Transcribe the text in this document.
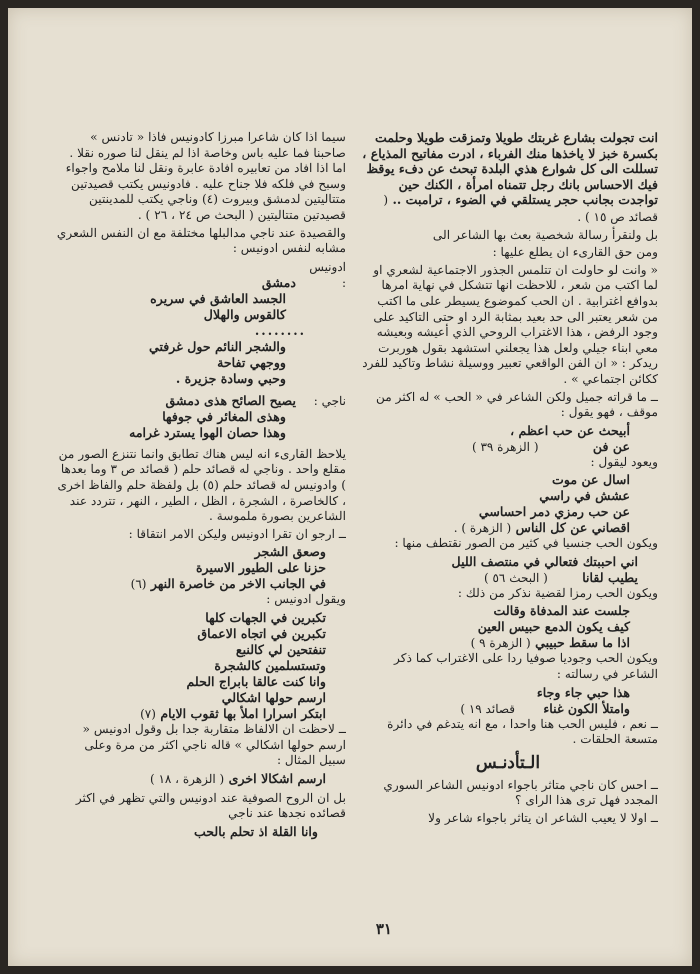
انت تجولت بشارع غربتك طويلا وتمزقت طويلا وحلمت بكسرة خبز لا ياخذها منك الفرباء ، ادرت مفاتيح المذياع ، تسللت الى كل شوارع هذي البلدة تبحث عن دفء يوقظ فيك الاحساس بانك رجل تتمناه امرأة ، الكنك حين تواجدت بجانب حجر يستلقي في الضوء ، ترامبت .. ( قصائد ص ١٥ ) .

بل ولنقرأ رسالة شخصية بعث بها الشاعر الى

ومن حق القارىء ان يطلع عليها :

« وانت لو حاولت ان تتلمس الجذور الاجتماعية لشعري او لما اكتب من شعر ، للاحظت انها تتشكل في نهاية امرها بدوافع اغترابية . ان الحب كموضوع يسيطر على ما اكتب من شعر يعتبر الى حد بعيد بمثابة الرد او حتى التاكيد على وجود الرفض ، هذا الاغتراب الروحي الذي أعيشه وبعيشه معي ابناء جيلي ولعل هذا يجعلني استشهد بقول هوربرت ريدكر : « ان الفن الواقعي تعبير ووسيلة نشاط وتاكيد للفرد ككائن اجتماعي » .

ــ ما قراته جميل ولكن الشاعر في « الحب » له اكثر من موقف ، فهو يقول :

أبيحث عن حب اعظم ،
عن فن ( الزهرة ٣٩ )

ويعود ليقول :

اسال عن موت
عشش في راسي
عن حب رمزي دمر احساسي
اقصاني عن كل الناس ( الزهرة ) .

ويكون الحب جنسيا في كثير من الصور نقتطف منها :

اني احببتك فتعالي في منتصف الليل
يطيب لقانا ( البحث ٥٦ )

ويكون الحب رمزا لقضية نذكر من ذلك :

جلست عند المدفاة وقالت
كيف يكون الدمع حبيس العين
اذا ما سقط حبيبي ( الزهرة ٩ )

ويكون الحب وجوديا صوفيا ردا على الاغتراب كما ذكر الشاعر في رسالته :

هذا حبي جاء وجاء
وامتلأ الكون غناء قصائد ١٩ )

ــ نعم ، فليس الحب هنا واحدا ، مع انه يتدغم في دائرة متسعة الحلقات .

الـتأدنـس

ــ احس كان ناجي متاثر باجواء ادونيس الشاعر السوري المجدد فهل ترى هذا الراى ؟

ــ اولا لا يعيب الشاعر ان يتاثر باجواء شاعر ولا

سيما اذا كان شاعرا مبرزا كادونيس فاذا « تادنس » صاحبنا فما عليه باس وخاصة اذا لم ينقل لنا صوره نقلا . اما اذا افاد من تعابيره افادة عابرة ونقل لنا ملامح واجواء وسبح في فلكه فلا جناح عليه . فادونيس يكتب قصيدتين متتاليتين لدمشق وبيروت (٤) وناجي يكتب للمدينتين قصيدتين متتاليتين ( البحث ص ٢٤ ، ٢٦ ) .

والقصيدة عند ناجي مدالبلها مختلفة مع ان النفس الشعري مشابه لنفس ادونيس :

ادونيس :دمشق
الجسد العاشق في سريره
كالقوس والهلال
........
والشجر النائم حول غرفتي
ووجهي تفاحة
وحبي وسادة جزيرة .
ناجي :يصيح الصائح هذى دمشق
وهذى المغائر في جوفها
وهذا حصان الهوا يسترد غرامه

يلاحظ القارىء انه ليس هناك تطابق وانما نتنزع الصور من مقلع واحد . وناجي له قصائد حلم ( قصائد ص ٣ وما بعدها ) وادونيس له قصائد حلم (٥) بل ولفظة حلم والفاظ اخرى ، كالخاصرة ، الشجرة ، الظل ، الطير ، النهر ، تتردد عند الشاعرين بصورة ملموسة .

ــ ارجو ان تقرا ادونيس وليكن الامر انتقاقا :

وصعق الشجر
حزنا على الطيور الاسيرة
في الجانب الاخر من خاصرة النهر (٦)

ويقول ادونيس :

تكبرين في الجهات كلها
تكبرين في اتجاه الاعماق
تنفتحين لي كالنبع
وتستسلمين كالشجرة
وانا كنت عالقا بابراج الحلم
ارسم حولها اشكالي
ابتكر اسرارا املأ بها ثقوب الايام (٧)

ــ لاحظت ان الالفاظ متقاربة جدا بل وقول ادونيس « ارسم حولها اشكالي » قاله ناجي اكثر من مرة وعلى سبيل المثال :

ارسم اشكالا اخرى ( الزهرة ، ١٨ )

بل ان الروح الصوفية عند ادونيس والتي تظهر في اكثر قصائده نجدها عند ناجي

وانا القلة اذ تحلم بالحب
٣١
